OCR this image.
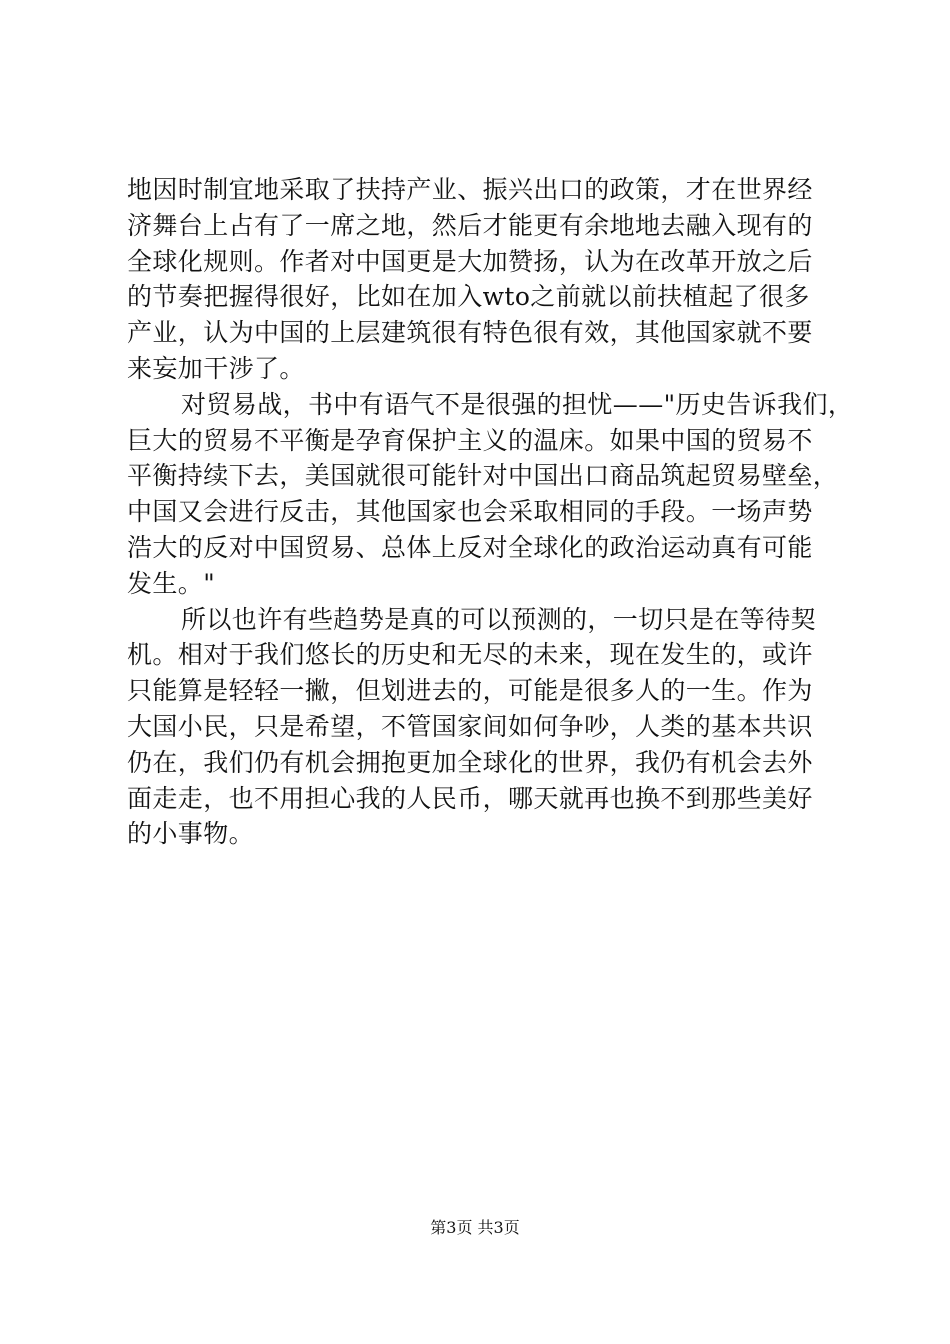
地因时制宜地采取了扶持产业、振兴出口的政策，才在世界经
济舞台上占有了一席之地，然后才能更有余地地去融入现有的
全球化规则。作者对中国更是大加赞扬，认为在改革开放之后
的节奏把握得很好，比如在加入wto之前就以前扶植起了很多
产业，认为中国的上层建筑很有特色很有效，其他国家就不要
来妄加干涉了。
对贸易战，书中有语气不是很强的担忧——"历史告诉我们，
巨大的贸易不平衡是孕育保护主义的温床。如果中国的贸易不
平衡持续下去，美国就很可能针对中国出口商品筑起贸易壁垒，
中国又会进行反击，其他国家也会采取相同的手段。一场声势
浩大的反对中国贸易、总体上反对全球化的政治运动真有可能
发生。"
所以也许有些趋势是真的可以预测的，一切只是在等待契
机。相对于我们悠长的历史和无尽的未来，现在发生的，或许
只能算是轻轻一撇，但划进去的，可能是很多人的一生。作为
大国小民，只是希望，不管国家间如何争吵，人类的基本共识
仍在，我们仍有机会拥抱更加全球化的世界，我仍有机会去外
面走走，也不用担心我的人民币，哪天就再也换不到那些美好
的小事物。
第3页 共3页
